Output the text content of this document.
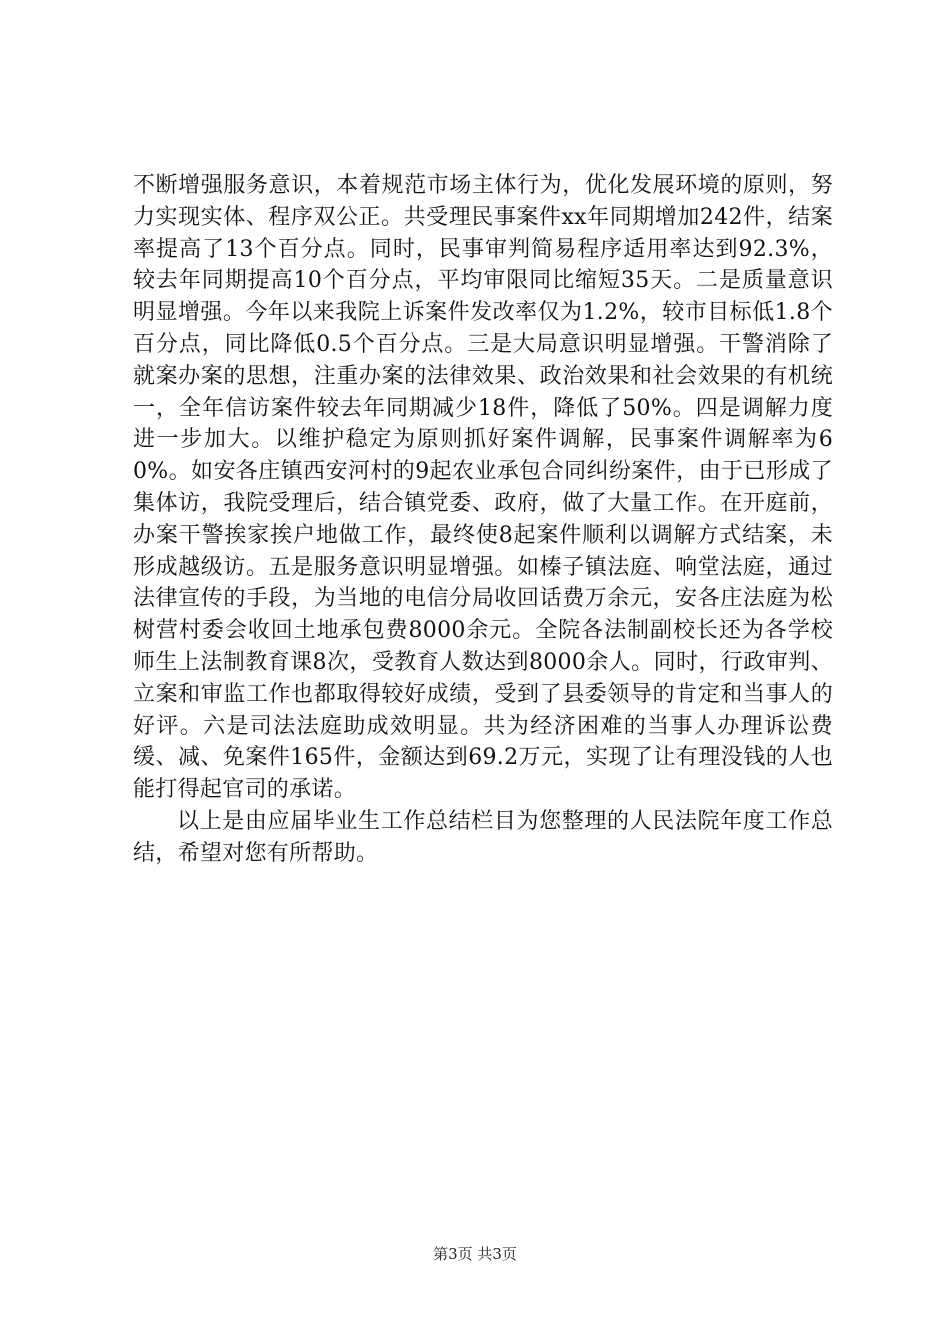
不断增强服务意识，本着规范市场主体行为，优化发展环境的原则，努力实现实体、程序双公正。共受理民事案件xx年同期增加242件，结案率提高了13个百分点。同时，民事审判简易程序适用率达到92.3%，较去年同期提高10个百分点，平均审限同比缩短35天。二是质量意识明显增强。今年以来我院上诉案件发改率仅为1.2%，较市目标低1.8个百分点，同比降低0.5个百分点。三是大局意识明显增强。干警消除了就案办案的思想，注重办案的法律效果、政治效果和社会效果的有机统一，全年信访案件较去年同期减少18件，降低了50%。四是调解力度进一步加大。以维护稳定为原则抓好案件调解，民事案件调解率为60%。如安各庄镇西安河村的9起农业承包合同纠纷案件，由于已形成了集体访，我院受理后，结合镇党委、政府，做了大量工作。在开庭前，办案干警挨家挨户地做工作，最终使8起案件顺利以调解方式结案，未形成越级访。五是服务意识明显增强。如榛子镇法庭、响堂法庭，通过法律宣传的手段，为当地的电信分局收回话费万余元，安各庄法庭为松树营村委会收回土地承包费8000余元。全院各法制副校长还为各学校师生上法制教育课8次，受教育人数达到8000余人。同时，行政审判、立案和审监工作也都取得较好成绩，受到了县委领导的肯定和当事人的好评。六是司法法庭助成效明显。共为经济困难的当事人办理诉讼费缓、减、免案件165件，金额达到69.2万元，实现了让有理没钱的人也能打得起官司的承诺。

以上是由应届毕业生工作总结栏目为您整理的人民法院年度工作总结，希望对您有所帮助。

第3页 共3页
